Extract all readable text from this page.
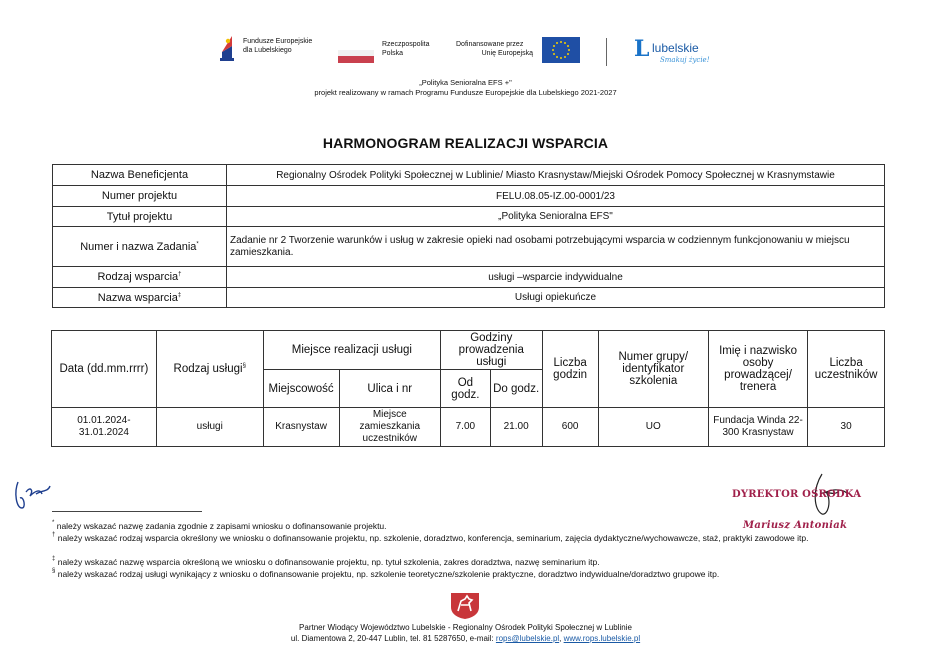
Fundusze Europejskie
dla Lubelskiego
Rzeczpospolita
Polska
Dofinansowane przez
Unię Europejską	L lubelskie
Smakuj życie!
„Polityka Senioralna EFS +"
projekt realizowany w ramach Programu Fundusze Europejskie dla Lubelskiego 2021-2027
HARMONOGRAM REALIZACJI WSPARCIA
Nazwa Beneficjenta	Regionalny Ośrodek Polityki Społecznej w Lublinie/ Miasto Krasnystaw/Miejski Ośrodek Pomocy Społecznej w Krasnymstawie
Numer projektu	FELU.08.05-IZ.00-0001/23
Tytuł projektu	„Polityka Senioralna EFS"
Numer i nazwa Zadania*	Zadanie nr 2 Tworzenie warunków i usług w zakresie opieki nad osobami potrzebującymi wsparcia w codziennym funkcjonowaniu w miejscu zamieszkania.
Rodzaj wsparcia†	usługi –wsparcie indywidualne
Nazwa wsparcia‡	Usługi opiekuńcze
Data (dd.mm.rrrr)	Rodzaj usługi§	Miejsce realizacji usługi		Godziny prowadzenia usługi		Liczba godzin	Numer grupy/ identyfikator szkolenia	Imię i nazwisko osoby prowadzącej/ trenera	Liczba uczestników
		Miejscowość	Ulica i nr	Od godz.	Do godz.				
01.01.2024-31.01.2024	usługi	Krasnystaw	Miejsce zamieszkania uczestników	7.00	21.00	600	UO	Fundacja Winda 22-300 Krasnystaw	30
DYREKTOR OŚRODKA
Mariusz Antoniak
* należy wskazać nazwę zadania zgodnie z zapisami wniosku o dofinansowanie projektu.
† należy wskazać rodzaj wsparcia określony we wniosku o dofinansowanie projektu, np. szkolenie, doradztwo, konferencja, seminarium, zajęcia dydaktyczne/wychowawcze, staż, praktyki zawodowe itp.
‡ należy wskazać nazwę wsparcia określoną we wniosku o dofinansowanie projektu, np. tytuł szkolenia, zakres doradztwa, nazwę seminarium itp.
§ należy wskazać rodzaj usługi wynikający z wniosku o dofinansowanie projektu, np. szkolenie teoretyczne/szkolenie praktyczne, doradztwo indywidualne/doradztwo grupowe itp.
Partner Wiodący Województwo Lubelskie - Regionalny Ośrodek Polityki Społecznej w Lublinie
ul. Diamentowa 2, 20-447 Lublin, tel. 81 5287650, e-mail: rops@lubelskie.pl, www.rops.lubelskie.pl
